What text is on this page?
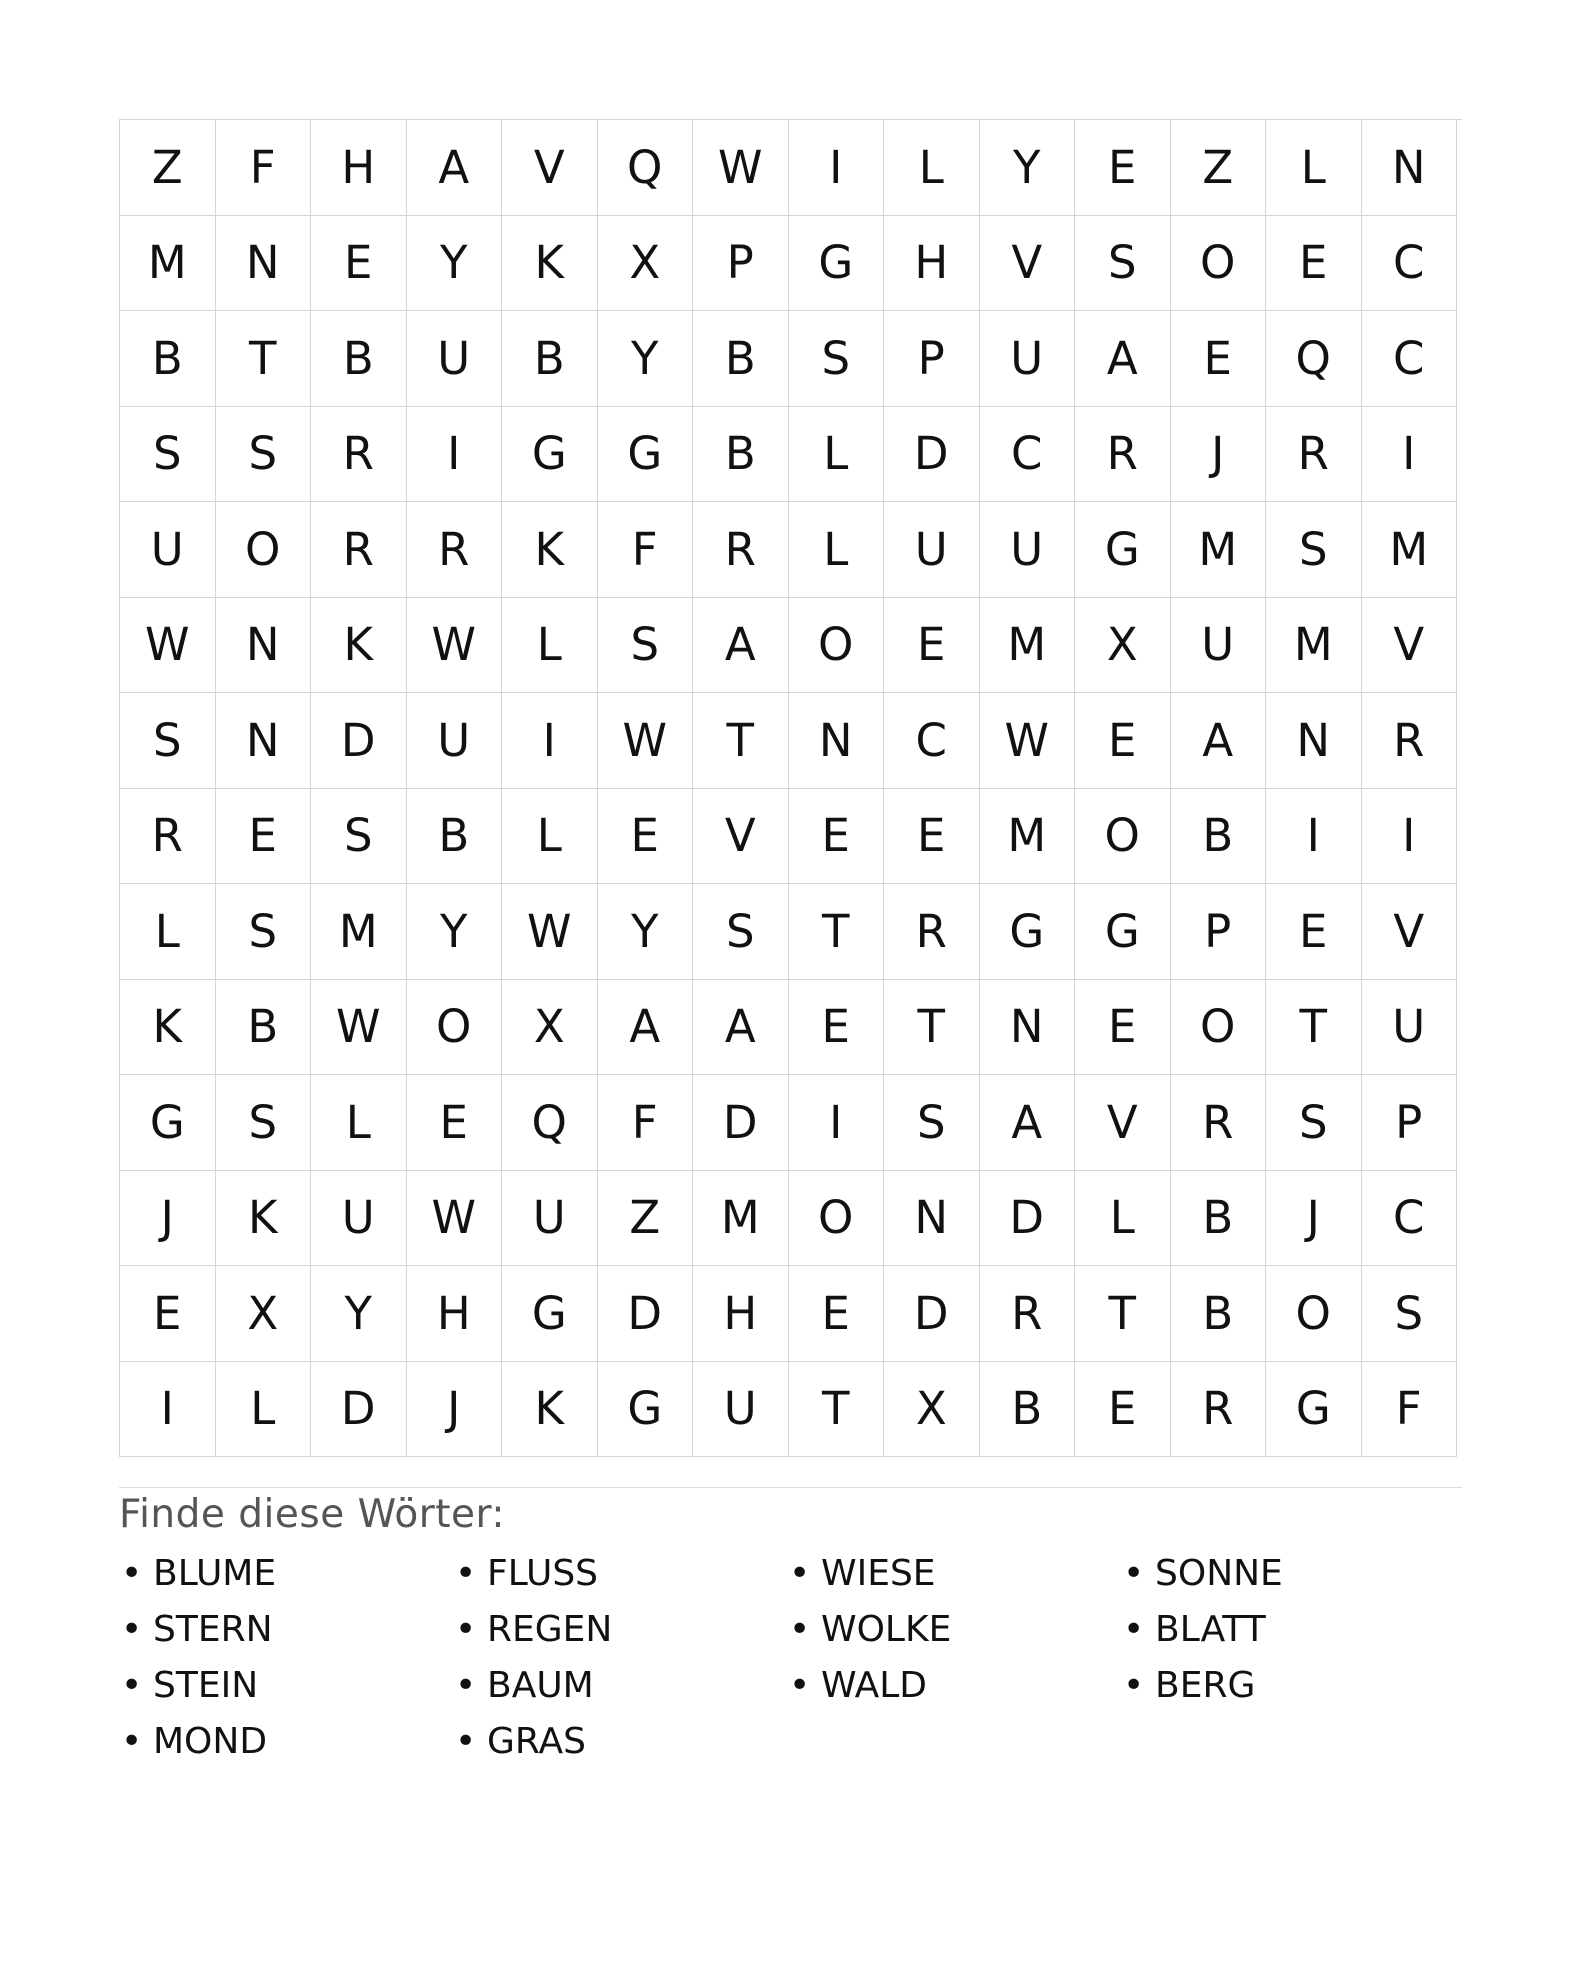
Z	F	H	A	V	Q	W	I	L	Y	E	Z	L	N
M	N	E	Y	K	X	P	G	H	V	S	O	E	C
B	T	B	U	B	Y	B	S	P	U	A	E	Q	C
S	S	R	I	G	G	B	L	D	C	R	J	R	I
U	O	R	R	K	F	R	L	U	U	G	M	S	M
W	N	K	W	L	S	A	O	E	M	X	U	M	V
S	N	D	U	I	W	T	N	C	W	E	A	N	R
R	E	S	B	L	E	V	E	E	M	O	B	I	I
L	S	M	Y	W	Y	S	T	R	G	G	P	E	V
K	B	W	O	X	A	A	E	T	N	E	O	T	U
G	S	L	E	Q	F	D	I	S	A	V	R	S	P
J	K	U	W	U	Z	M	O	N	D	L	B	J	C
E	X	Y	H	G	D	H	E	D	R	T	B	O	S
I	L	D	J	K	G	U	T	X	B	E	R	G	F
Finde diese Wörter:
• BLUME	• FLUSS	• WIESE	• SONNE
• STERN	• REGEN	• WOLKE	• BLATT
• STEIN	• BAUM	• WALD	• BERG
• MOND	• GRAS
